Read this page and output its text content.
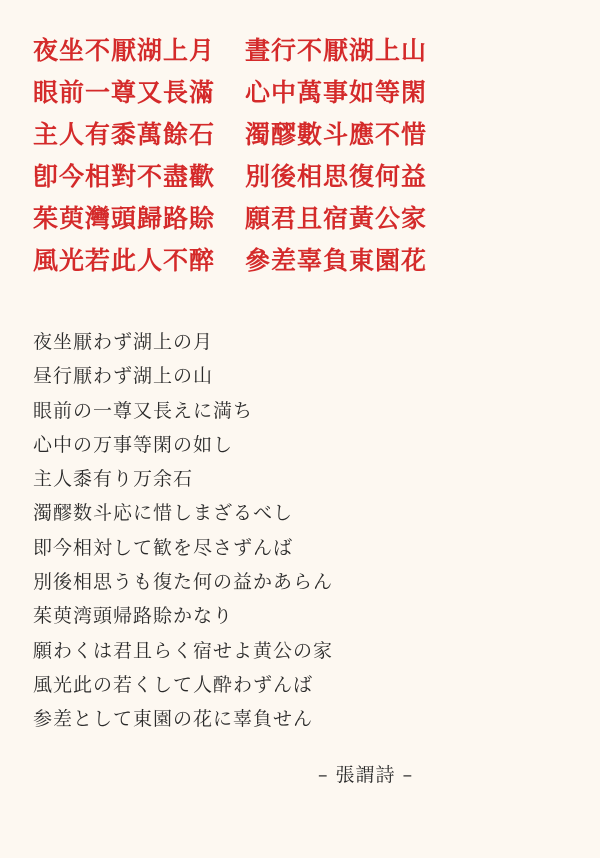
夜坐不厭湖上月	晝行不厭湖上山
眼前一尊又長滿	心中萬事如等閑
主人有黍萬餘石	濁醪數斗應不惜
卽今相對不盡歡	別後相思復何益
茱萸灣頭歸路賒	願君且宿黃公家
風光若此人不醉	參差辜負東園花
夜坐厭わず湖上の月
昼行厭わず湖上の山
眼前の一尊又長えに満ち
心中の万事等閑の如し
主人黍有り万余石
濁醪数斗応に惜しまざるべし
即今相対して歓を尽さずんば
別後相思うも復た何の益かあらん
茱萸湾頭帰路賒かなり
願わくは君且らく宿せよ黄公の家
風光此の若くして人酔わずんば
参差として東園の花に辜負せん
– 張謂詩 –
